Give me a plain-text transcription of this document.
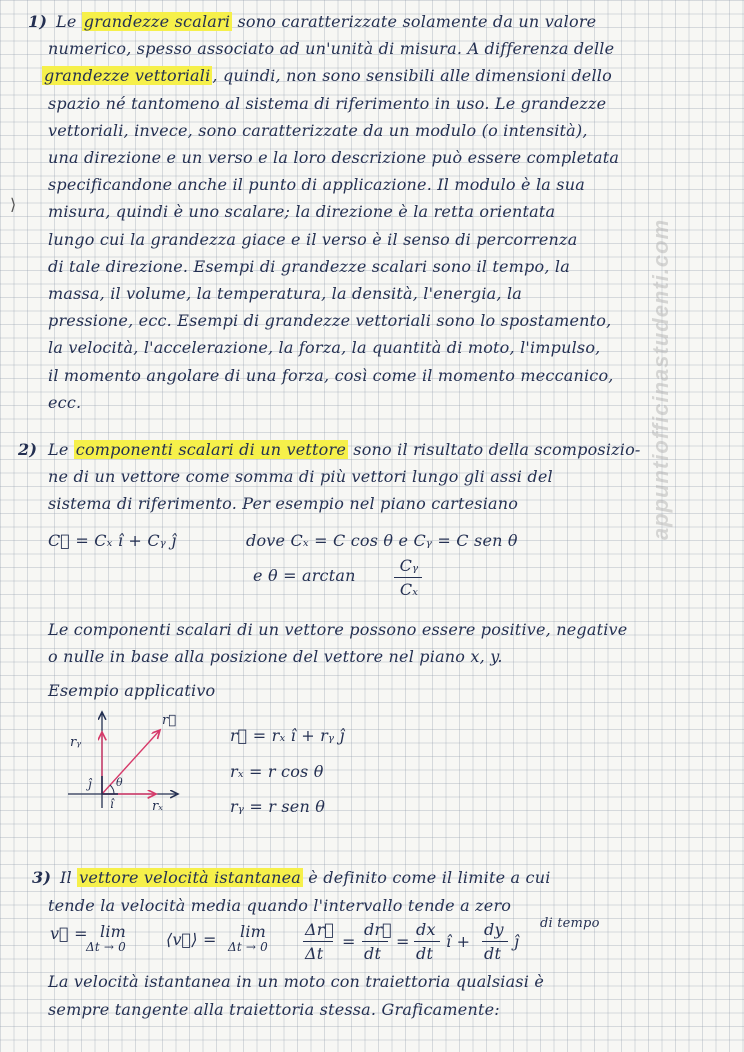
⟩
1) Le grandezze scalari sono caratterizzate solamente da un valore
numerico, spesso associato ad un'unità di misura. A differenza delle
grandezze vettoriali , quindi, non sono sensibili alle dimensioni dello
spazio né tantomeno al sistema di riferimento in uso. Le grandezze
vettoriali, invece, sono caratterizzate da un modulo (o intensità),
una direzione e un verso e la loro descrizione può essere completata
specificandone anche il punto di applicazione. Il modulo è la sua
misura, quindi è uno scalare; la direzione è la retta orientata
lungo cui la grandezza giace e il verso è il senso di percorrenza
di tale direzione. Esempi di grandezze scalari sono il tempo, la
massa, il volume, la temperatura, la densità, l'energia, la
pressione, ecc. Esempi di grandezze vettoriali sono lo spostamento,
la velocità, l'accelerazione, la forza, la quantità di moto, l'impulso,
il momento angolare di una forza, così come il momento meccanico,
ecc.
2) Le componenti scalari di un vettore sono il risultato della scomposizio-
ne di un vettore come somma di più vettori lungo gli assi del
sistema di riferimento. Per esempio nel piano cartesiano
C⃗ = Cₓ î + Cᵧ ĵ	dove Cₓ = C cos θ e Cᵧ = C sen θ
e θ = arctan
Cᵧ
Cₓ
Le componenti scalari di un vettore possono essere positive, negative
o nulle in base alla posizione del vettore nel piano x, y.
Esempio applicativo
r⃗
rᵧ
rₓ
ĵ
î
θ
r⃗ = rₓ î + rᵧ ĵ
rₓ = r cos θ
rᵧ = r sen θ
3) Il vettore velocità istantanea è definito come il limite a cui
tende la velocità media quando l'intervallo tende a zero
di tempo
v⃗ = lim
Δt → 0 ⟨v⃗⟩ = lim
Δt → 0
Δr⃗
Δt
=
dr⃗
dt
=
dx
dt
î +
dy
dt
ĵ
La velocità istantanea in un moto con traiettoria qualsiasi è
sempre tangente alla traiettoria stessa. Graficamente:
appuntiofficinastudenti.com
